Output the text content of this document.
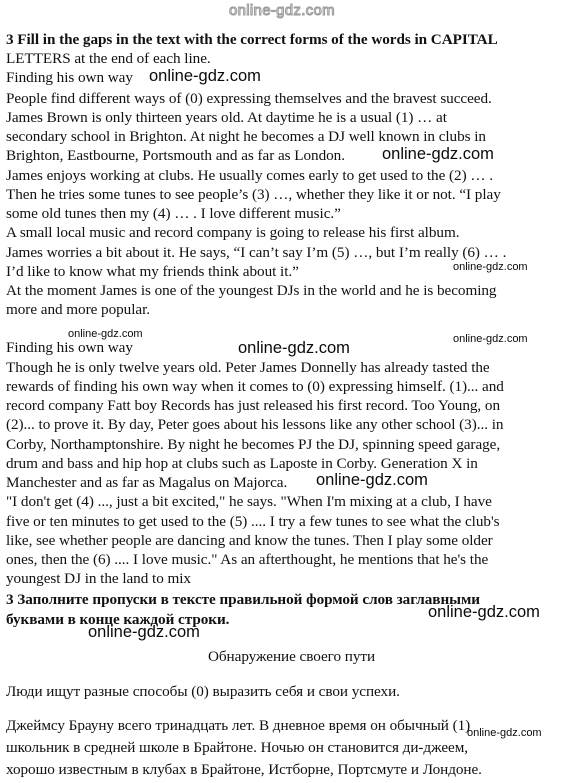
online-gdz.com
3 Fill in the gaps in the text with the correct forms of the words in CAPITAL
LETTERS at the end of each line.
Finding his own way
People find different ways of (0) expressing themselves and the bravest succeed.
James Brown is only thirteen years old. At daytime he is a usual (1) … at
secondary school in Brighton. At night he becomes a DJ well known in clubs in
Brighton, Eastbourne, Portsmouth and as far as London.
James enjoys working at clubs. He usually comes early to get used to the (2) … .
Then he tries some tunes to see people’s (3) …, whether they like it or not. “I play
some old tunes then my (4) … . I love different music.”
A small local music and record company is going to release his first album.
James worries a bit about it. He says, “I can’t say I’m (5) …, but I’m really (6) … .
I’d like to know what my friends think about it.”
At the moment James is one of the youngest DJs in the world and he is becoming
more and more popular.
Finding his own way
Though he is only twelve years old. Peter James Donnelly has already tasted the
rewards of finding his own way when it comes to (0) expressing himself. (1)... and
record company Fatt boy Records has just released his first record. Too Young, on
(2)... to prove it. By day, Peter goes about his lessons like any other school (3)... in
Corby, Northamptonshire. By night he becomes PJ the DJ, spinning speed garage,
drum and bass and hip hop at clubs such as Laposte in Corby. Generation X in
Manchester and as far as Magalus on Majorca.
"I don't get (4) ..., just a bit excited," he says. "When I'm mixing at a club, I have
five or ten minutes to get used to the (5) .... I try a few tunes to see what the club's
like, see whether people are dancing and know the tunes. Then I play some older
ones, then the (6) .... I love music." As an afterthought, he mentions that he's the
youngest DJ in the land to mix
3 Заполните пропуски в тексте правильной формой слов заглавными
буквами в конце каждой строки.
Обнаружение своего пути
Люди ищут разные способы (0) выразить себя и свои успехи.
Джеймсу Брауну всего тринадцать лет. В дневное время он обычный (1)
школьник в средней школе в Брайтоне. Ночью он становится ди-джеем,
хорошо известным в клубах в Брайтоне, Истборне, Портсмуте и Лондоне.
online-gdz.com
online-gdz.com
online-gdz.com
online-gdz.com	online-gdz.com
online-gdz.com
online-gdz.com
online-gdz.com
online-gdz.com
online-gdz.com
